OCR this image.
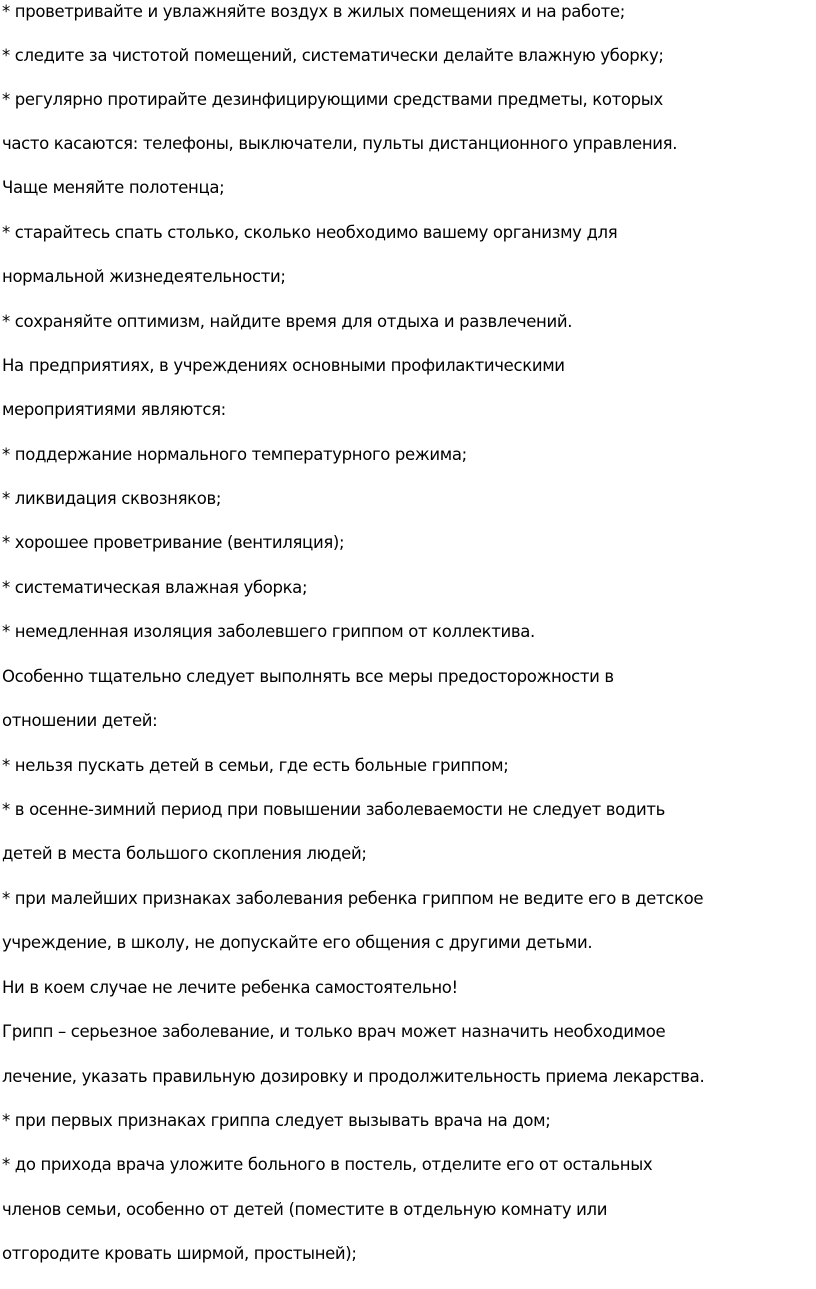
* проветривайте и увлажняйте воздух в жилых помещениях и на работе;
* следите за чистотой помещений, систематически делайте влажную уборку;
* регулярно протирайте дезинфицирующими средствами предметы, которых
часто касаются: телефоны, выключатели, пульты дистанционного управления.
Чаще меняйте полотенца;
* старайтесь спать столько, сколько необходимо вашему организму для
нормальной жизнедеятельности;
* сохраняйте оптимизм, найдите время для отдыха и развлечений.
На предприятиях, в учреждениях основными профилактическими
мероприятиями являются:
* поддержание нормального температурного режима;
* ликвидация сквозняков;
* хорошее проветривание (вентиляция);
* систематическая влажная уборка;
* немедленная изоляция заболевшего гриппом от коллектива.
Особенно тщательно следует выполнять все меры предосторожности в
отношении детей:
* нельзя пускать детей в семьи, где есть больные гриппом;
* в осенне-зимний период при повышении заболеваемости не следует водить
детей в места большого скопления людей;
* при малейших признаках заболевания ребенка гриппом не ведите его в детское
учреждение, в школу, не допускайте его общения с другими детьми.
Ни в коем случае не лечите ребенка самостоятельно!
Грипп – серьезное заболевание, и только врач может назначить необходимое
лечение, указать правильную дозировку и продолжительность приема лекарства.
* при первых признаках гриппа следует вызывать врача на дом;
* до прихода врача уложите больного в постель, отделите его от остальных
членов семьи, особенно от детей (поместите в отдельную комнату или
отгородите кровать ширмой, простыней);
